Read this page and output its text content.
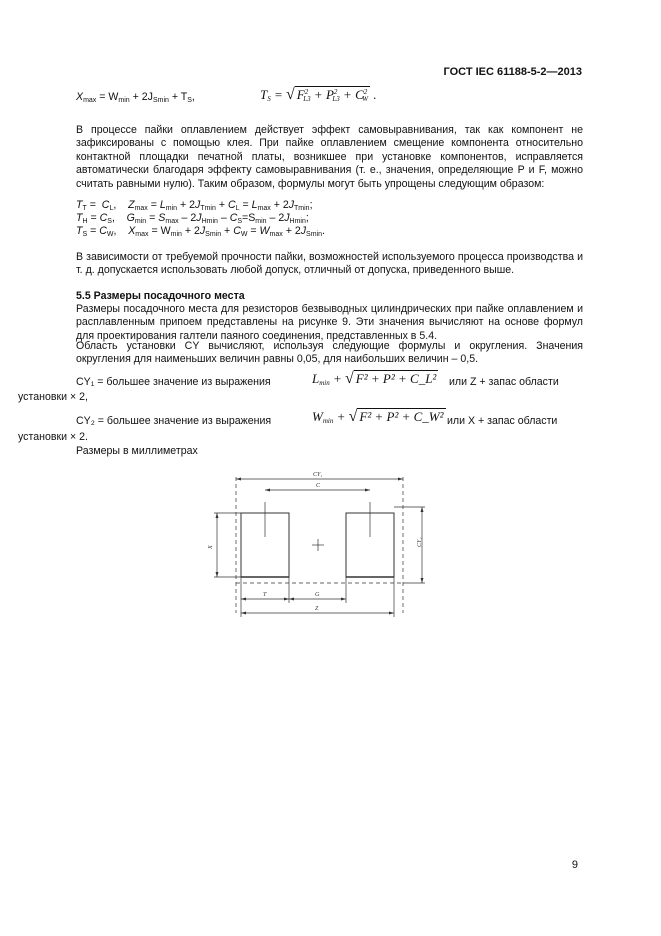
ГОСТ IEC 61188-5-2—2013
$X_{max} = W_{min} + 2J_{Smin} + T_S$,	$T_S$ = √ $F^2_{L3} + P^2_{L3} + C^2_W$ .
В процессе пайки оплавлением действует эффект самовыравнивания, так как компонент не зафиксированы с помощью клея. При пайке оплавлением смещение компонента относительно контактной площадки печатной платы, возникшее при установке компонентов, исправляется автоматически благодаря эффекту самовыравнивания (т. е., значения, определяющие P и F, можно считать равными нулю). Таким образом, формулы могут быть упрощены следующим образом:
$T_T = C_L$,    $Z_{max} = L_{min} + 2J_{Tmin} + C_L = L_{max} + 2J_{Tmin}$;
$T_H = C_S$,    $G_{min} = S_{max} - 2J_{Hmin} - C_S=S_{min} - 2J_{Hmin}$;
$T_S = C_W$,    $X_{max} = W_{min} + 2J_{Smin} + C_W = W_{max} + 2J_{Smin}$.
В зависимости от требуемой прочности пайки, возможностей используемого процесса производства и т. д. допускается использовать любой допуск, отличный от допуска, приведенного выше.
5.5 Размеры посадочного места
Размеры посадочного места для резисторов безвыводных цилиндрических при пайке оплавлением и расплавленным припоем представлены на рисунке 9. Эти значения вычисляют на основе формул для проектирования галтели паяного соединения, представленных в 5.4.
Область установки CY вычисляют, используя следующие формулы и округления. Значения округления для наименьших величин равны 0,05, для наибольших величин – 0,5.
CY₁ = большее значение из выражения	$L_{min}$ + √ F² + P² + C_L² или Z + запас области
установки × 2,
CY₂ = большее значение из выражения	$W_{min}$ + √ F² + P² + C_W² или X + запас области
установки × 2.
Размеры в миллиметрах
CY₁
C
X
CY₂
T	G
Z
9
